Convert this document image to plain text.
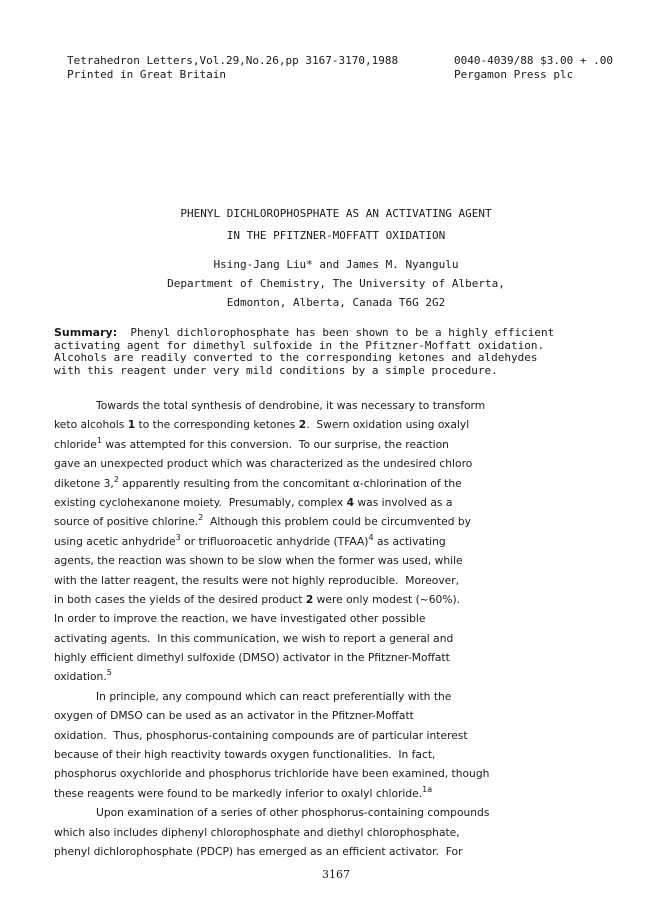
Tetrahedron Letters,Vol.29,No.26,pp 3167-3170,1988
Printed in Great Britain
0040-4039/88 $3.00 + .00
Pergamon Press plc
PHENYL DICHLOROPHOSPHATE AS AN ACTIVATING AGENT
IN THE PFITZNER-MOFFATT OXIDATION
Hsing-Jang Liu* and James M. Nyangulu
Department of Chemistry, The University of Alberta,
Edmonton, Alberta, Canada T6G 2G2
Summary:  Phenyl dichlorophosphate has been shown to be a highly efficient
activating agent for dimethyl sulfoxide in the Pfitzner-Moffatt oxidation.
Alcohols are readily converted to the corresponding ketones and aldehydes
with this reagent under very mild conditions by a simple procedure.
Towards the total synthesis of dendrobine, it was necessary to transform
keto alcohols 1 to the corresponding ketones 2.  Swern oxidation using oxalyl
chloride$^1$ was attempted for this conversion.  To our surprise, the reaction
gave an unexpected product which was characterized as the undesired chloro
diketone 3,$^2$ apparently resulting from the concomitant α-chlorination of the
existing cyclohexanone moiety.  Presumably, complex 4 was involved as a
source of positive chlorine.$^2$  Although this problem could be circumvented by
using acetic anhydride$^3$ or trifluoroacetic anhydride (TFAA)$^4$ as activating
agents, the reaction was shown to be slow when the former was used, while
with the latter reagent, the results were not highly reproducible.  Moreover,
in both cases the yields of the desired product 2 were only modest (~60%).
In order to improve the reaction, we have investigated other possible
activating agents.  In this communication, we wish to report a general and
highly efficient dimethyl sulfoxide (DMSO) activator in the Pfitzner-Moffatt
oxidation.$^5$
In principle, any compound which can react preferentially with the
oxygen of DMSO can be used as an activator in the Pfitzner-Moffatt
oxidation.  Thus, phosphorus-containing compounds are of particular interest
because of their high reactivity towards oxygen functionalities.  In fact,
phosphorus oxychloride and phosphorus trichloride have been examined, though
these reagents were found to be markedly inferior to oxalyl chloride.$^{1a}$
Upon examination of a series of other phosphorus-containing compounds
which also includes diphenyl chlorophosphate and diethyl chlorophosphate,
phenyl dichlorophosphate (PDCP) has emerged as an efficient activator.  For
3167
